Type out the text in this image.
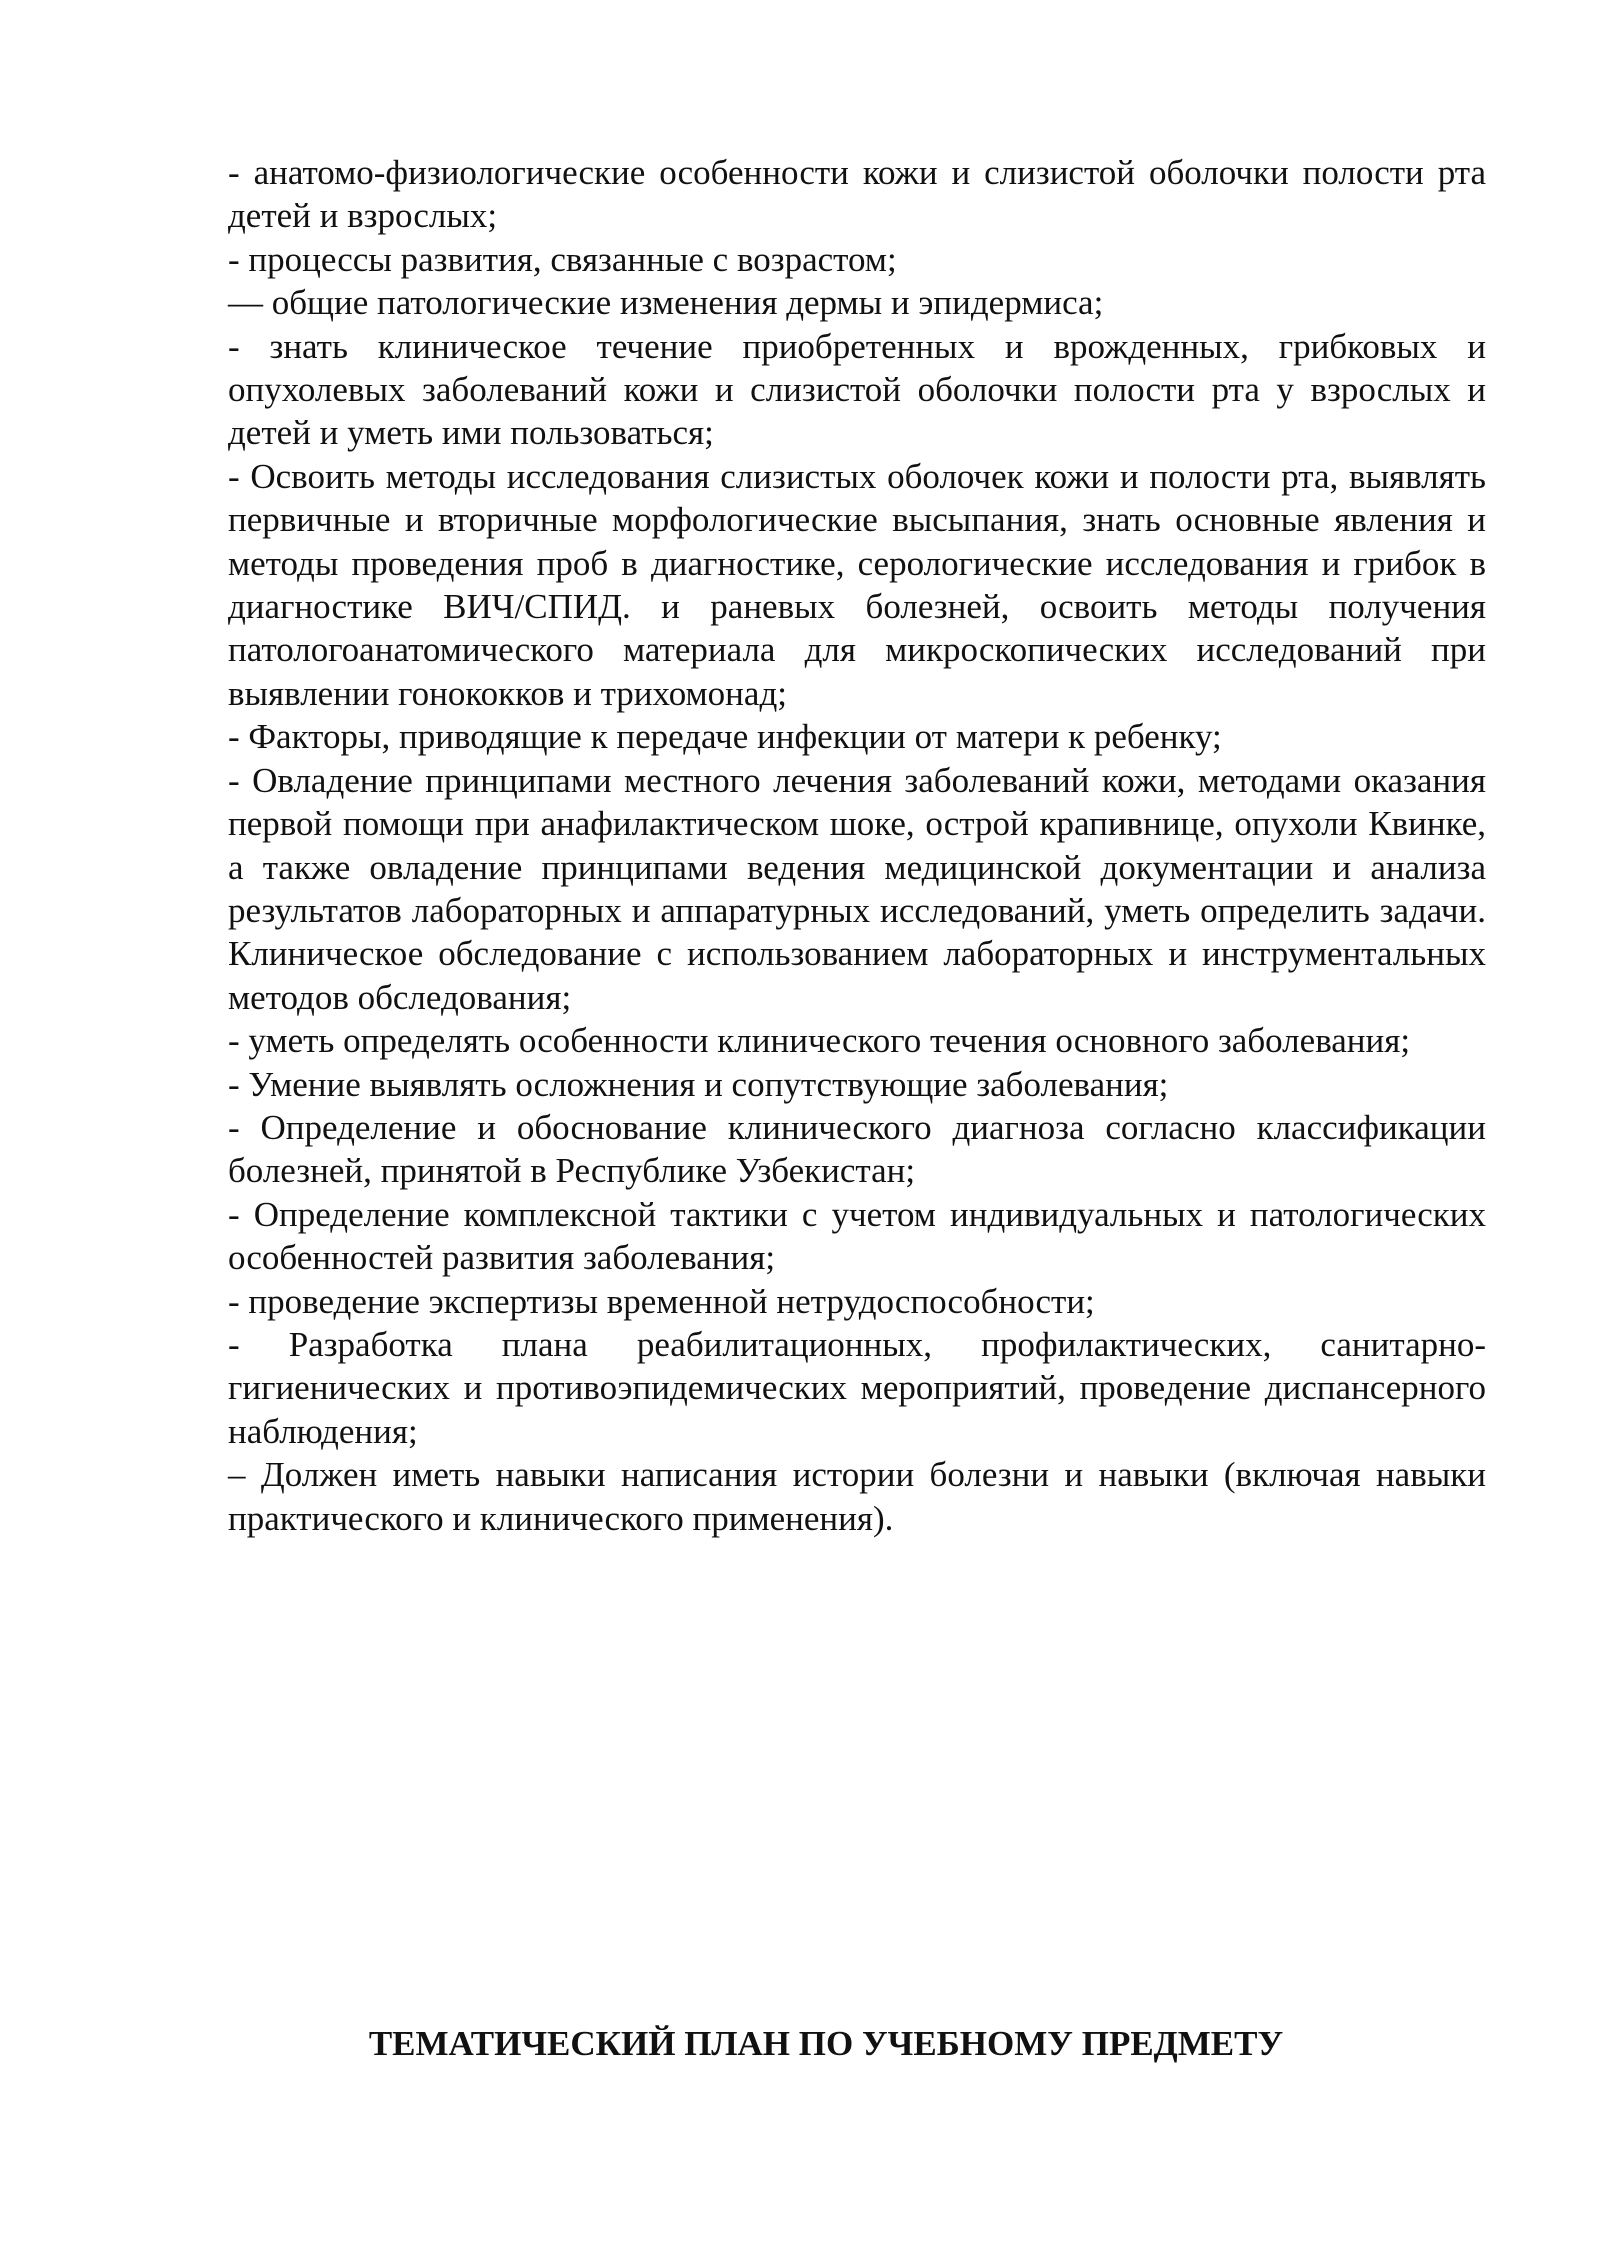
- анатомо-физиологические особенности кожи и слизистой оболочки полости рта детей и взрослых;

- процессы развития, связанные с возрастом;

— общие патологические изменения дермы и эпидермиса;

- знать клиническое течение приобретенных и врожденных, грибковых и опухолевых заболеваний кожи и слизистой оболочки полости рта у взрослых и детей и уметь ими пользоваться;

- Освоить методы исследования слизистых оболочек кожи и полости рта, выявлять первичные и вторичные морфологические высыпания, знать основные явления и методы проведения проб в диагностике, серологические исследования и грибок в диагностике ВИЧ/СПИД. и раневых болезней, освоить методы получения патологоанатомического материала для микроскопических исследований при выявлении гонококков и трихомонад;

- Факторы, приводящие к передаче инфекции от матери к ребенку;

- Овладение принципами местного лечения заболеваний кожи, методами оказания первой помощи при анафилактическом шоке, острой крапивнице, опухоли Квинке, а также овладение принципами ведения медицинской документации и анализа результатов лабораторных и аппаратурных исследований, уметь определить задачи. Клиническое обследование с использованием лабораторных и инструментальных методов обследования;

- уметь определять особенности клинического течения основного заболевания;

- Умение выявлять осложнения и сопутствующие заболевания;

- Определение и обоснование клинического диагноза согласно классификации болезней, принятой в Республике Узбекистан;

- Определение комплексной тактики с учетом индивидуальных и патологических особенностей развития заболевания;

- проведение экспертизы временной нетрудоспособности;

- Разработка плана реабилитационных, профилактических, санитарно-гигиенических и противоэпидемических мероприятий, проведение диспансерного наблюдения;

– Должен иметь навыки написания истории болезни и навыки (включая навыки практического и клинического применения).

ТЕМАТИЧЕСКИЙ ПЛАН ПО УЧЕБНОМУ ПРЕДМЕТУ
